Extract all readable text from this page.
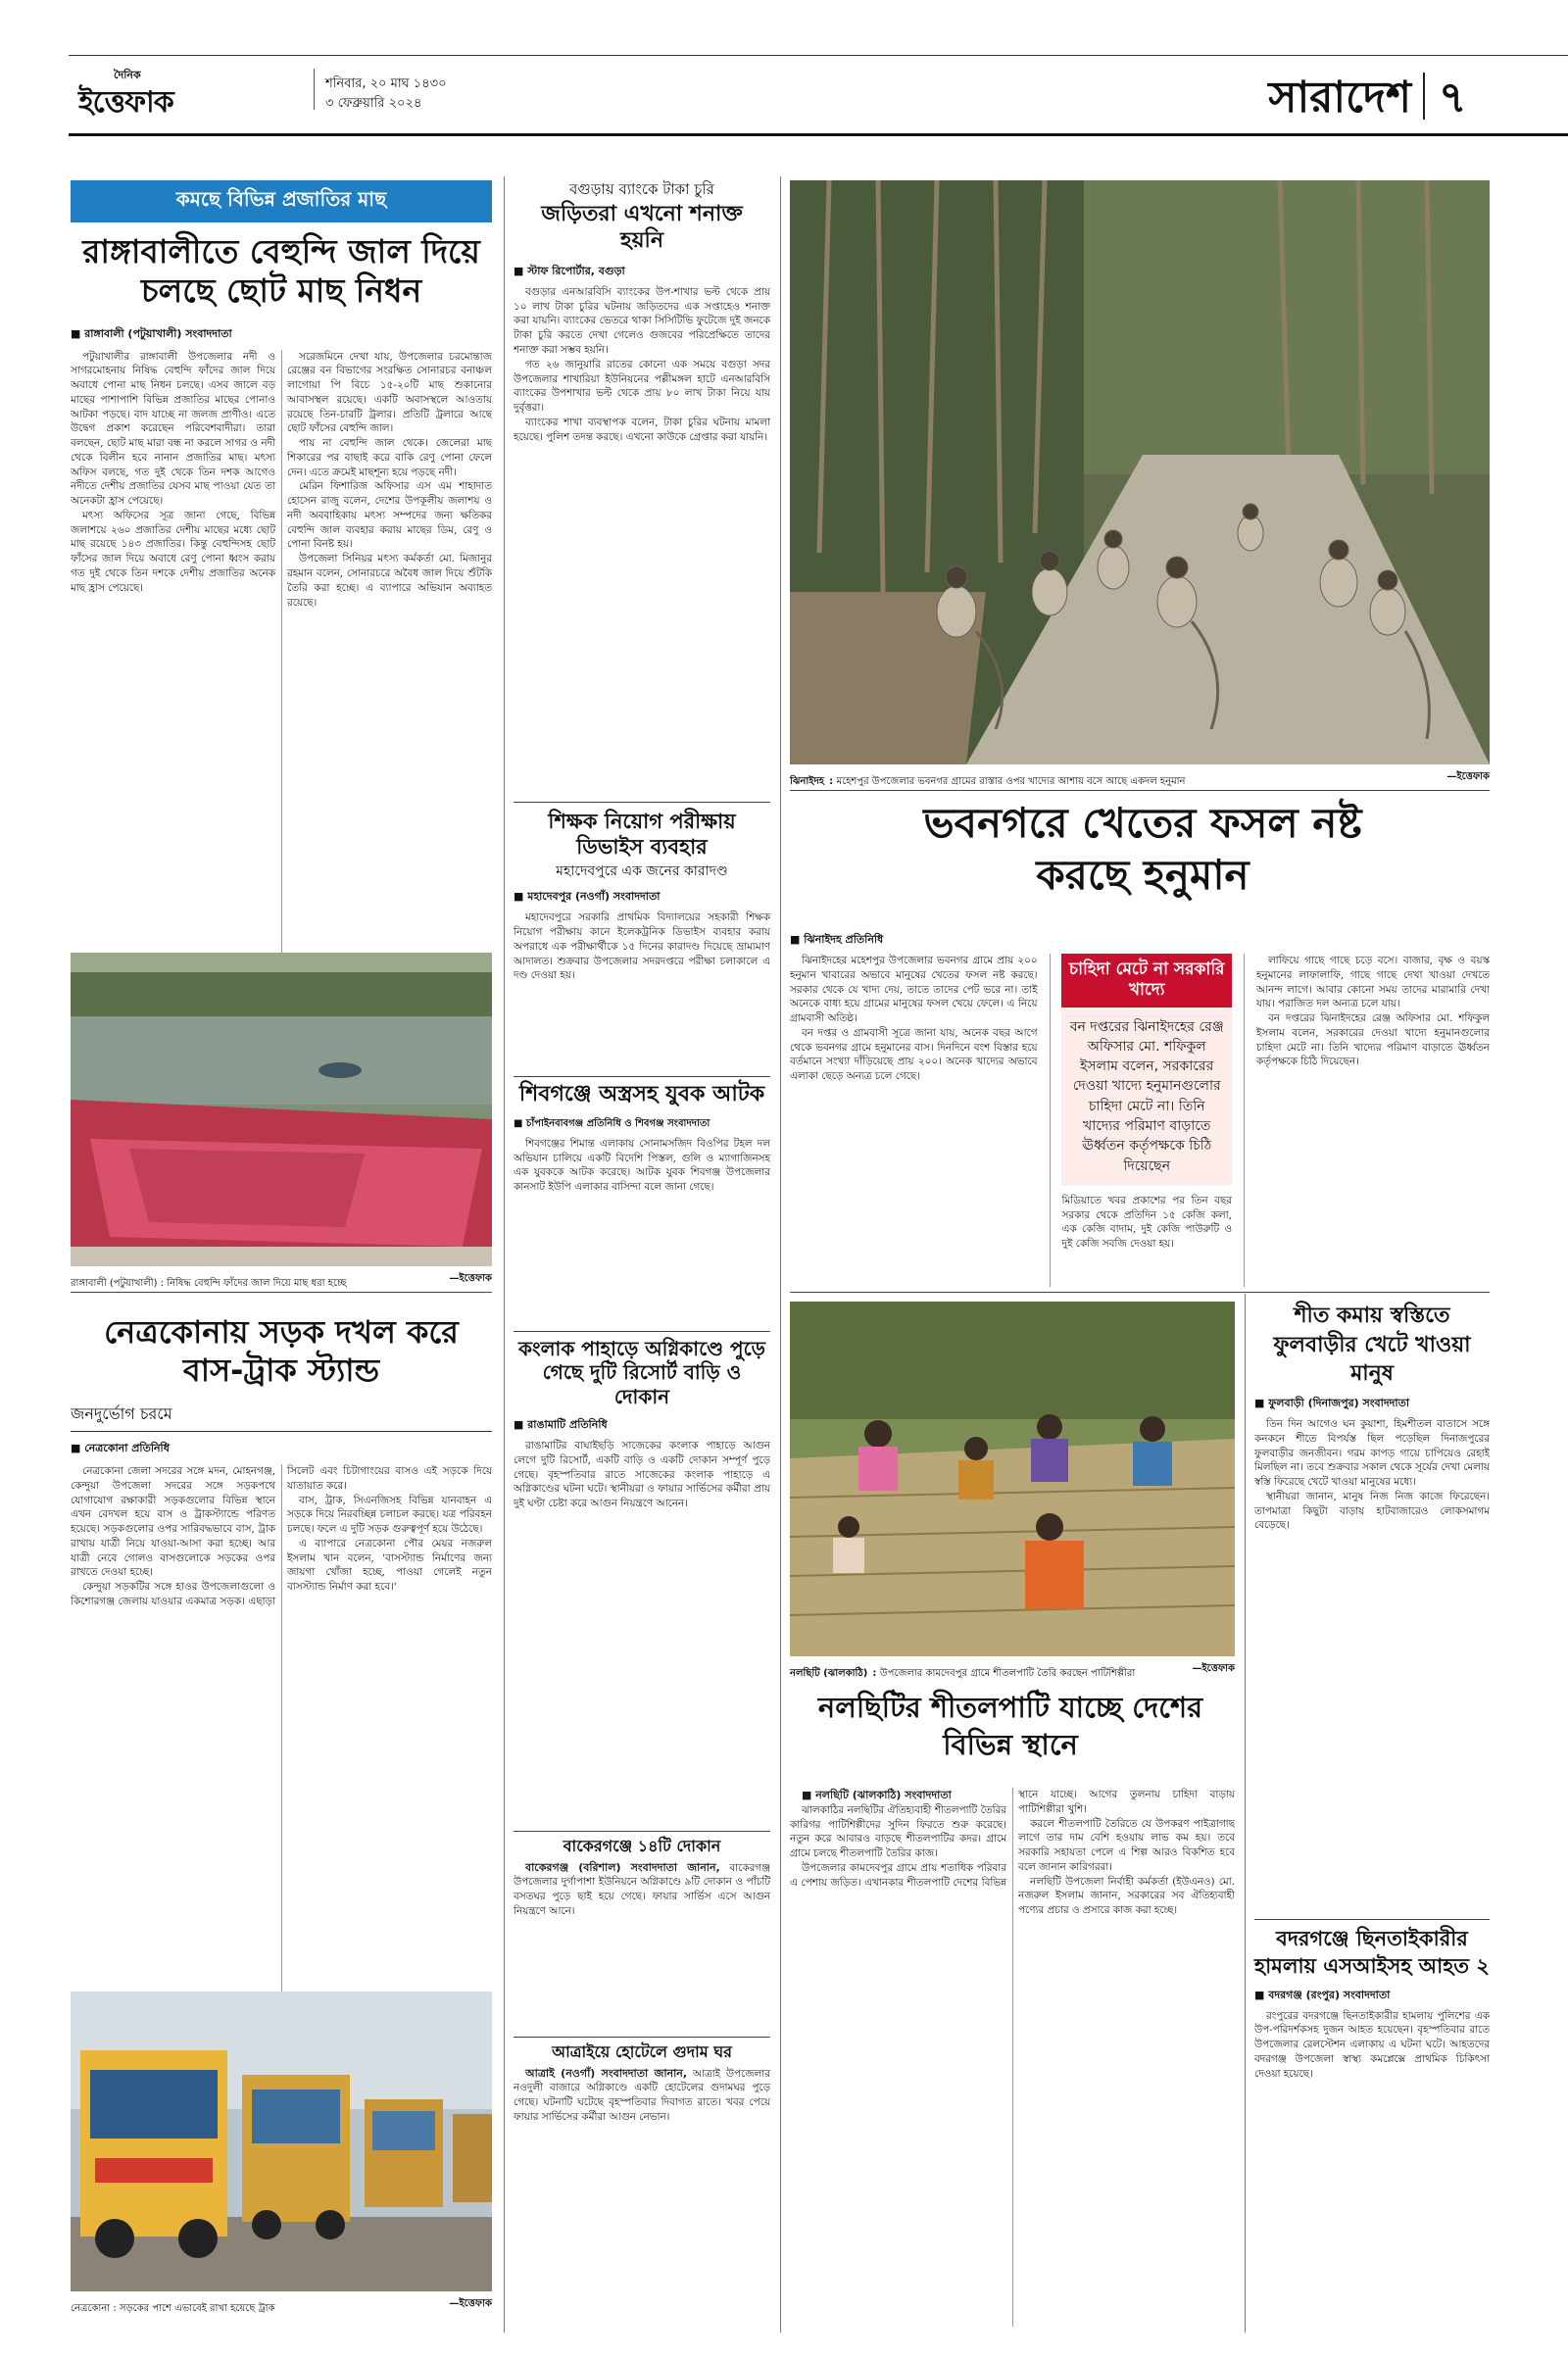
দৈনিক
ইত্তেফাক
শনিবার, ২০ মাঘ ১৪৩০
৩ ফেব্রুয়ারি ২০২৪	সারাদেশ ৭
কমছে বিভিন্ন প্রজাতির মাছ
রাঙ্গাবালীতে বেহুন্দি জাল দিয়ে চলছে ছোট মাছ নিধন
■ রাঙ্গাবালী (পটুয়াখালী) সংবাদদাতা

পটুয়াখালীর রাঙ্গাবালী উপজেলার নদী ও সাগরমোহনায় নিষিদ্ধ বেহুন্দি ফাঁদের জাল দিয়ে অবাধে পোনা মাছ নিধন চলছে। এসব জালে বড় মাছের পাশাপাশি বিভিন্ন প্রজাতির মাছের পোনাও আটকা পড়ছে। বাদ যাচ্ছে না জলজ প্রাণীও। এতে উদ্বেগ প্রকাশ করেছেন পরিবেশবাদীরা। তারা বলছেন, ছোট মাছ মারা বন্ধ না করলে সাগর ও নদী থেকে বিলীন হবে নানান প্রজাতির মাছ। মৎস্য অফিস বলছে, গত দুই থেকে তিন দশক আগেও নদীতে দেশীয় প্রজাতির যেসব মাছ পাওয়া যেত তা অনেকটা হ্রাস পেয়েছে।

মৎস্য অফিসের সূত্র জানা গেছে, বিভিন্ন জলাশয়ে ২৬০ প্রজাতির দেশীয় মাছের মধ্যে ছোট মাছ রয়েছে ১৪৩ প্রজাতির। কিন্তু বেহুন্দিসহ ছোট ফাঁসের জাল দিয়ে অবাধে রেণু পোনা ধ্বংস করায় গত দুই থেকে তিন দশকে দেশীয় প্রজাতির অনেক মাছ হ্রাস পেয়েছে।

সরেজমিনে দেখা যায়, উপজেলার চরমোন্তাজ রেঞ্জের বন বিভাগের সংরক্ষিত সোনারচর বনাঞ্চল লাগোয়া পি বিচে ১৫-২০টি মাছ শুকানোর আবাসস্থল রয়েছে। একটি অবাসস্থলে আওতায় রয়েছে তিন-চারটি ট্রলার। প্রতিটি ট্রলারে আছে ছোট ফাঁসের বেহুন্দি জাল।

পায় না বেহুন্দি জাল থেকে। জেলেরা মাছ শিকারের পর বাছাই করে বাকি রেণু পোনা ফেলে দেন। এতে ক্রমেই মাছশূন্য হয়ে পড়ছে নদী।

মেরিন ফিশারিজ অফিসার এস এম শাহাদাত হোসেন রাজু বলেন, দেশের উপকূলীয় জলাশয় ও নদী অববাহিকায় মৎস্য সম্পদের জন্য ক্ষতিকর বেহুন্দি জাল ব্যবহার করায় মাছের ডিম, রেণু ও পোনা বিনষ্ট হয়।

উপজেলা সিনিয়র মৎস্য কর্মকর্তা মো. মিজানুর রহমান বলেন, সোনারচরে অবৈধ জাল দিয়ে শুঁটকি তৈরি করা হচ্ছে। এ ব্যাপারে অভিযান অব্যাহত রয়েছে।

রাঙ্গাবালী (পটুয়াখালী) : নিষিদ্ধ বেহুন্দি ফাঁদের জাল দিয়ে মাছ ধরা হচ্ছে	—ইত্তেফাক
নেত্রকোনায় সড়ক দখল করে বাস-ট্রাক স্ট্যান্ড
জনদুর্ভোগ চরমে
■ নেত্রকোনা প্রতিনিধি

নেত্রকোনা জেলা সদরের সঙ্গে মদন, মোহনগঞ্জ, কেন্দুয়া উপজেলা সদরের সঙ্গে সড়কপথে যোগাযোগ রক্ষাকারী সড়কগুলোর বিভিন্ন স্থানে এখন বেদখল হয়ে বাস ও ট্রাকস্ট্যান্ডে পরিণত হয়েছে। সড়কগুলোর ওপর সারিবদ্ধভাবে বাস, ট্রাক রাখায় যাত্রী নিয়ে যাওয়া-আসা করা হচ্ছে। আর যাত্রী নেবে গোলও বাসগুলোকে সড়কের ওপর রাখতে দেওয়া হচ্ছে।

কেন্দুয়া সড়কটির সঙ্গে হাওর উপজেলাগুলো ও কিশোরগঞ্জ জেলায় যাওয়ার একমাত্র সড়ক। এছাড়া সিলেট এবং চিটাগাংয়ের বাসও এই সড়কে দিয়ে যাতায়াত করে।

বাস, ট্রাক, সিএনজিসহ বিভিন্ন যানবাহন এ সড়কে দিয়ে নিরবচ্ছিন্ন চলাচল করছে। যত্র পরিবহন চলছে। ফলে এ দুটি সড়ক গুরুত্বপূর্ণ হয়ে উঠেছে।

এ ব্যাপারে নেত্রকোনা পৌর মেয়র নজরুল ইসলাম খান বলেন, 'বাসস্ট্যান্ড নির্মাণের জন্য জায়গা খোঁজা হচ্ছে, পাওয়া গেলেই নতুন বাসস্ট্যান্ড নির্মাণ করা হবে।'

নেত্রকোনা : সড়কের পাশে এভাবেই রাখা হয়েছে ট্রাক	—ইত্তেফাক
বগুড়ায় ব্যাংকে টাকা চুরি
জড়িতরা এখনো শনাক্ত হয়নি
■ স্টাফ রিপোর্টার, বগুড়া

বগুড়ার এনআরবিসি ব্যাংকের উপ-শাখার ভল্ট থেকে প্রায় ১০ লাখ টাকা চুরির ঘটনায় জড়িতদের এক সপ্তাহেও শনাক্ত করা যায়নি। ব্যাংকের ভেতরে থাকা সিসিটিভি ফুটেজে দুই জনকে টাকা চুরি করতে দেখা গেলেও গুজবের পরিপ্রেক্ষিতে তাদের শনাক্ত করা সম্ভব হয়নি।

গত ২৬ জানুয়ারি রাতের কোনো এক সময়ে বগুড়া সদর উপজেলার শাখারিয়া ইউনিয়নের পল্লীমঙ্গল হাটে এনআরবিসি ব্যাংকের উপশাখার ভল্ট থেকে প্রায় ৮০ লাখ টাকা নিয়ে যায় দুর্বৃত্তরা।

ব্যাংকের শাখা ব্যবস্থাপক বলেন, টাকা চুরির ঘটনায় মামলা হয়েছে। পুলিশ তদন্ত করছে। এখনো কাউকে গ্রেপ্তার করা যায়নি।

শিক্ষক নিয়োগ পরীক্ষায় ডিভাইস ব্যবহার
মহাদেবপুরে এক জনের কারাদণ্ড
■ মহাদেবপুর (নওগাঁ) সংবাদদাতা

মহাদেবপুরে সরকারি প্রাথমিক বিদ্যালয়ের সহকারী শিক্ষক নিয়োগ পরীক্ষায় কানে ইলেকট্রনিক ডিভাইস ব্যবহার করায় অপরাধে এক পরীক্ষার্থীকে ১৫ দিনের কারাদণ্ড দিয়েছে ভ্রাম্যমাণ আদালত। শুক্রবার উপজেলার সদরদপ্তরে পরীক্ষা চলাকালে এ দণ্ড দেওয়া হয়।

শিবগঞ্জে অস্ত্রসহ যুবক আটক
■ চাঁপাইনবাবগঞ্জ প্রতিনিধি ও শিবগঞ্জ সংবাদদাতা

শিবগঞ্জের শিমান্ত এলাকায় সোনামসজিদ বিওপির টহল দল অভিযান চালিয়ে একটি বিদেশি পিস্তল, গুলি ও ম্যাগাজিনসহ এক যুবককে আটক করেছে। আটক যুবক শিবগঞ্জ উপজেলার কানসাট ইউপি এলাকার বাসিন্দা বলে জানা গেছে।

কংলাক পাহাড়ে অগ্নিকাণ্ডে পুড়ে গেছে দুটি রিসোর্ট বাড়ি ও দোকান
■ রাঙামাটি প্রতিনিধি

রাঙামাটির বাঘাইছড়ি সাজেকের কংলাক পাহাড়ে আগুন লেগে দুটি রিসোর্ট, একটি বাড়ি ও একটি দোকান সম্পূর্ণ পুড়ে গেছে। বৃহস্পতিবার রাতে সাজেকের কংলাক পাহাড়ে এ অগ্নিকাণ্ডের ঘটনা ঘটে। স্থানীয়রা ও ফায়ার সার্ভিসের কর্মীরা প্রায় দুই ঘণ্টা চেষ্টা করে আগুন নিয়ন্ত্রণে আনেন।

বাকেরগঞ্জে ১৪টি দোকান

বাকেরগঞ্জ (বরিশাল) সংবাদদাতা জানান, বাকেরগঞ্জ উপজেলার দুর্গাপাশা ইউনিয়নে অগ্নিকাণ্ডে ৯টি দোকান ও পাঁচটি বসতঘর পুড়ে ছাই হয়ে গেছে। ফায়ার সার্ভিস এসে আগুন নিয়ন্ত্রণে আনে।

আত্রাইয়ে হোটেলে গুদাম ঘর

আত্রাই (নওগাঁ) সংবাদদাতা জানান, আত্রাই উপজেলার নওদুলী বাজারে অগ্নিকাণ্ডে একটি হোটেলের গুদামঘর পুড়ে গেছে। ঘটনাটি ঘটেছে বৃহস্পতিবার দিবাগত রাতে। খবর পেয়ে ফায়ার সার্ভিসের কর্মীরা আগুন নেভান।

ঝিনাইদহ : মহেশপুর উপজেলার ভবনগর গ্রামের রাস্তার ওপর খাদ্যের আশায় বসে আছে একদল হনুমান	—ইত্তেফাক
ভবনগরে খেতের ফসল নষ্ট করছে হনুমান
■ ঝিনাইদহ প্রতিনিধি

ঝিনাইদহের মহেশপুর উপজেলার ভবনগর গ্রামে প্রায় ২০০ হনুমান খাবারের অভাবে মানুষের খেতের ফসল নষ্ট করছে। সরকার থেকে যে খাদ্য দেয়, তাতে তাদের পেট ভরে না। তাই অনেকে বাধ্য হয়ে গ্রামের মানুষের ফসল খেয়ে ফেলে। এ নিয়ে গ্রামবাসী অতিষ্ঠ।

বন দপ্তর ও গ্রামবাসী সূত্রে জানা যায়, অনেক বছর আগে থেকে ভবনগর গ্রামে হনুমানের বাস। দিনদিনে বংশ বিস্তার হয়ে বর্তমানে সংখ্যা দাঁড়িয়েছে প্রায় ২০০। অনেক খাদ্যের অভাবে এলাকা ছেড়ে অন্যত্র চলে গেছে।

চাহিদা মেটে না সরকারি খাদ্যে
বন দপ্তরের ঝিনাইদহের রেঞ্জ অফিসার মো. শফিকুল ইসলাম বলেন, সরকারের দেওয়া খাদ্যে হনুমানগুলোর চাহিদা মেটে না। তিনি খাদ্যের পরিমাণ বাড়াতে ঊর্ধ্বতন কর্তৃপক্ষকে চিঠি দিয়েছেন
মিডিয়াতে খবর প্রকাশের পর তিন বছর সরকার থেকে প্রতিদিন ১৫ কেজি কলা, এক কেজি বাদাম, দুই কেজি পাউরুটি ও দুই কেজি সবজি দেওয়া হয়।

লাফিয়ে গাছে গাছে চড়ে বসে। বাজার, বৃক্ষ ও বয়স্ক হনুমানের লাফালাফি, গাছে গাছে দেখা খাওয়া দেখতে আনন্দ লাগে। আবার কোনো সময় তাদের মারামারি দেখা যায়। পরাজিত দল অন্যত্র চলে যায়।

বন দপ্তরের ঝিনাইদহের রেঞ্জ অফিসার মো. শফিকুল ইসলাম বলেন, সরকারের দেওয়া খাদ্যে হনুমানগুলোর চাহিদা মেটে না। তিনি খাদ্যের পরিমাণ বাড়াতে ঊর্ধ্বতন কর্তৃপক্ষকে চিঠি দিয়েছেন।

নলছিটি (ঝালকাঠি) : উপজেলার কামদেবপুর গ্রামে শীতলপাটি তৈরি করছেন পাটিশিল্পীরা	—ইত্তেফাক
নলছিটির শীতলপাটি যাচ্ছে দেশের বিভিন্ন স্থানে

■ নলছিটি (ঝালকাঠি) সংবাদদাতা

ঝালকাঠির নলছিটির ঐতিহ্যবাহী শীতলপাটি তৈরির কারিগর পাটিশিল্পীদের সুদিন ফিরতে শুরু করেছে। নতুন করে আবারও বাড়ছে শীতলপাটির কদর। গ্রামে গ্রামে চলছে শীতলপাটি তৈরির কাজ।

উপজেলার কামদেবপুর গ্রামে প্রায় শতাধিক পরিবার এ পেশায় জড়িত। এখানকার শীতলপাটি দেশের বিভিন্ন স্থানে যাচ্ছে। আগের তুলনায় চাহিদা বাড়ায় পাটিশিল্পীরা খুশি।

করলে শীতলপাটি তৈরিতে যে উপকরণ পাইত্রাগাছ লাগে তার দাম বেশি হওয়ায় লাভ কম হয়। তবে সরকারি সহায়তা পেলে এ শিল্প আরও বিকশিত হবে বলে জানান কারিগররা।

নলছিটি উপজেলা নির্বাহী কর্মকর্তা (ইউএনও) মো. নজরুল ইসলাম জানান, সরকারের সব ঐতিহ্যবাহী পণ্যের প্রচার ও প্রসারে কাজ করা হচ্ছে।

শীত কমায় স্বস্তিতে ফুলবাড়ীর খেটে খাওয়া মানুষ
■ ফুলবাড়ী (দিনাজপুর) সংবাদদাতা

তিন দিন আগেও ঘন কুয়াশা, হিমশীতল বাতাসে সঙ্গে কনকনে শীতে বিপর্যস্ত ছিল পড়েছিল দিনাজপুরের ফুলবাড়ীর জনজীবন। গরম কাপড় গায়ে চাপিয়েও রেহাই মিলছিল না। তবে শুক্রবার সকাল থেকে সূর্যের দেখা মেলায় স্বস্তি ফিরেছে খেটে খাওয়া মানুষের মধ্যে।

স্থানীয়রা জানান, মানুষ নিজ নিজ কাজে ফিরেছেন। তাপমাত্রা কিছুটা বাড়ায় হাটবাজারেও লোকসমাগম বেড়েছে।

বদরগঞ্জে ছিনতাইকারীর হামলায় এসআইসহ আহত ২
■ বদরগঞ্জ (রংপুর) সংবাদদাতা

রংপুরের বদরগঞ্জে ছিনতাইকারীর হামলায় পুলিশের এক উপ-পরিদর্শকসহ দুজন আহত হয়েছেন। বৃহস্পতিবার রাতে উপজেলার রেলস্টেশন এলাকায় এ ঘটনা ঘটে। আহতদের বদরগঞ্জ উপজেলা স্বাস্থ্য কমপ্লেক্সে প্রাথমিক চিকিৎসা দেওয়া হয়েছে।
